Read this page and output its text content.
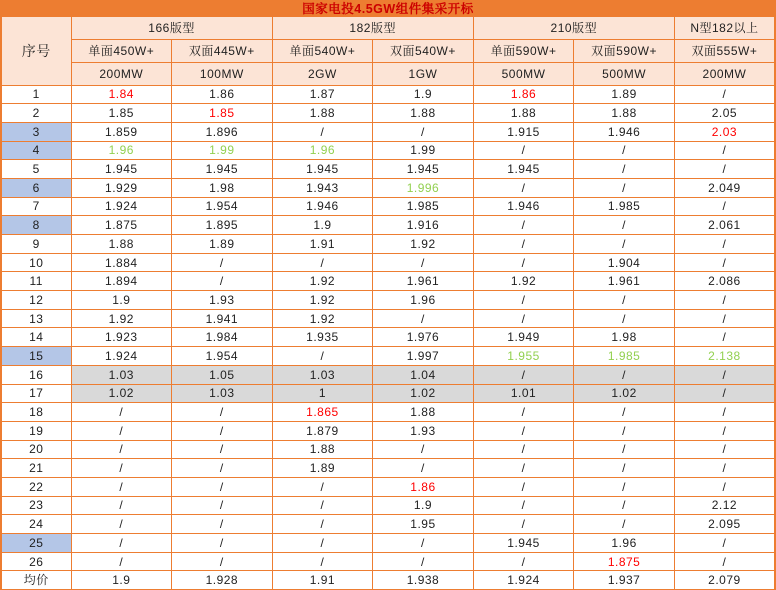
国家电投4.5GW组件集采开标
序号	166版型		182版型		210版型		N型182以上
	单面450W+	双面445W+	单面540W+	双面540W+	单面590W+	双面590W+	双面555W+
	200MW	100MW	2GW	1GW	500MW	500MW	200MW
1	1.84	1.86	1.87	1.9	1.86	1.89	/
2	1.85	1.85	1.88	1.88	1.88	1.88	2.05
3	1.859	1.896	/	/	1.915	1.946	2.03
4	1.96	1.99	1.96	1.99	/	/	/
5	1.945	1.945	1.945	1.945	1.945	/	/
6	1.929	1.98	1.943	1.996	/	/	2.049
7	1.924	1.954	1.946	1.985	1.946	1.985	/
8	1.875	1.895	1.9	1.916	/	/	2.061
9	1.88	1.89	1.91	1.92	/	/	/
10	1.884	/	/	/	/	1.904	/
11	1.894	/	1.92	1.961	1.92	1.961	2.086
12	1.9	1.93	1.92	1.96	/	/	/
13	1.92	1.941	1.92	/	/	/	/
14	1.923	1.984	1.935	1.976	1.949	1.98	/
15	1.924	1.954	/	1.997	1.955	1.985	2.138
16	1.03	1.05	1.03	1.04	/	/	/
17	1.02	1.03	1	1.02	1.01	1.02	/
18	/	/	1.865	1.88	/	/	/
19	/	/	1.879	1.93	/	/	/
20	/	/	1.88	/	/	/	/
21	/	/	1.89	/	/	/	/
22	/	/	/	1.86	/	/	/
23	/	/	/	1.9	/	/	2.12
24	/	/	/	1.95	/	/	2.095
25	/	/	/	/	1.945	1.96	/
26	/	/	/	/	/	1.875	/
均价	1.9	1.928	1.91	1.938	1.924	1.937	2.079
